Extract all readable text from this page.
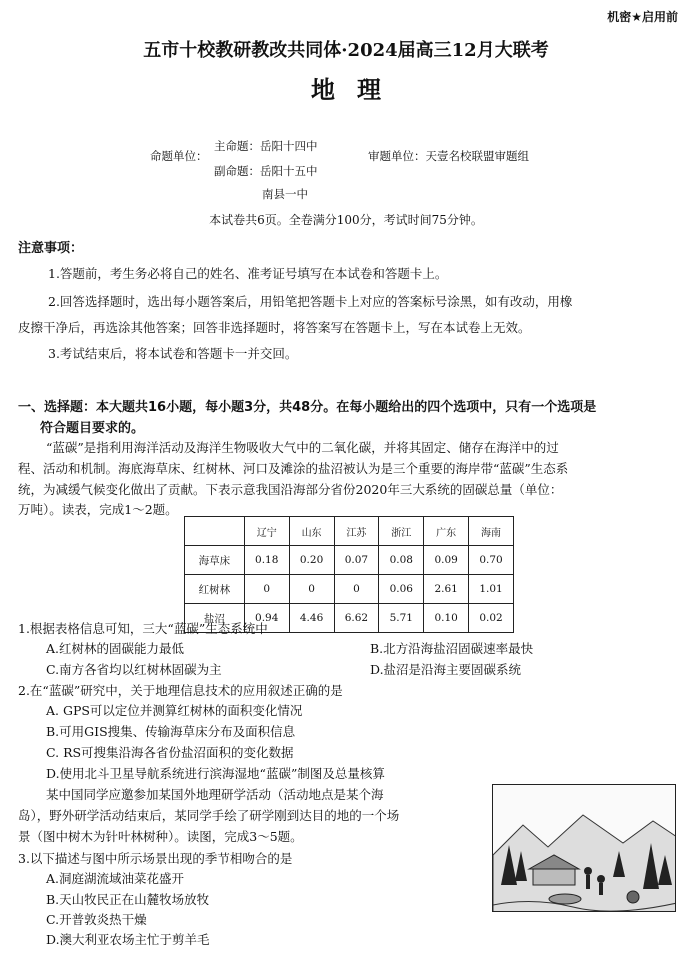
机密★启用前
五市十校教研教改共同体·2024届高三12月大联考
地理
命题单位：
主命题：岳阳十四中
副命题：岳阳十五中
南县一中
审题单位：天壹名校联盟审题组
本试卷共6页。全卷满分100分，考试时间75分钟。
注意事项：
1.答题前，考生务必将自己的姓名、准考证号填写在本试卷和答题卡上。
2.回答选择题时，选出每小题答案后，用铅笔把答题卡上对应的答案标号涂黑，如有改动，用橡
皮擦干净后，再选涂其他答案；回答非选择题时，将答案写在答题卡上，写在本试卷上无效。
3.考试结束后，将本试卷和答题卡一并交回。
一、选择题：本大题共16小题，每小题3分，共48分。在每小题给出的四个选项中，只有一个选项是
符合题目要求的。
“蓝碳”是指利用海洋活动及海洋生物吸收大气中的二氧化碳，并将其固定、储存在海洋中的过
程、活动和机制。海底海草床、红树林、河口及滩涂的盐沼被认为是三个重要的海岸带“蓝碳”生态系
统，为减缓气候变化做出了贡献。下表示意我国沿海部分省份2020年三大系统的固碳总量（单位：
万吨）。读表，完成1～2题。
	辽宁	山东	江苏	浙江	广东	海南
海草床	0.18	0.20	0.07	0.08	0.09	0.70
红树林	0	0	0	0.06	2.61	1.01
盐沼	0.94	4.46	6.62	5.71	0.10	0.02
1.根据表格信息可知，三大“蓝碳”生态系统中
A.红树林的固碳能力最低	B.北方沿海盐沼固碳速率最快
C.南方各省均以红树林固碳为主	D.盐沼是沿海主要固碳系统
2.在“蓝碳”研究中，关于地理信息技术的应用叙述正确的是
A. GPS可以定位并测算红树林的面积变化情况
B.可用GIS搜集、传输海草床分布及面积信息
C. RS可搜集沿海各省份盐沼面积的变化数据
D.使用北斗卫星导航系统进行滨海湿地“蓝碳”制图及总量核算
某中国同学应邀参加某国外地理研学活动（活动地点是某个海
岛），野外研学活动结束后，某同学手绘了研学刚到达目的地的一个场
景（图中树木为针叶林树种）。读图，完成3～5题。
3.以下描述与图中所示场景出现的季节相吻合的是
A.洞庭湖流域油菜花盛开
B.天山牧民正在山麓牧场放牧
C.开普敦炎热干燥
D.澳大利亚农场主忙于剪羊毛
